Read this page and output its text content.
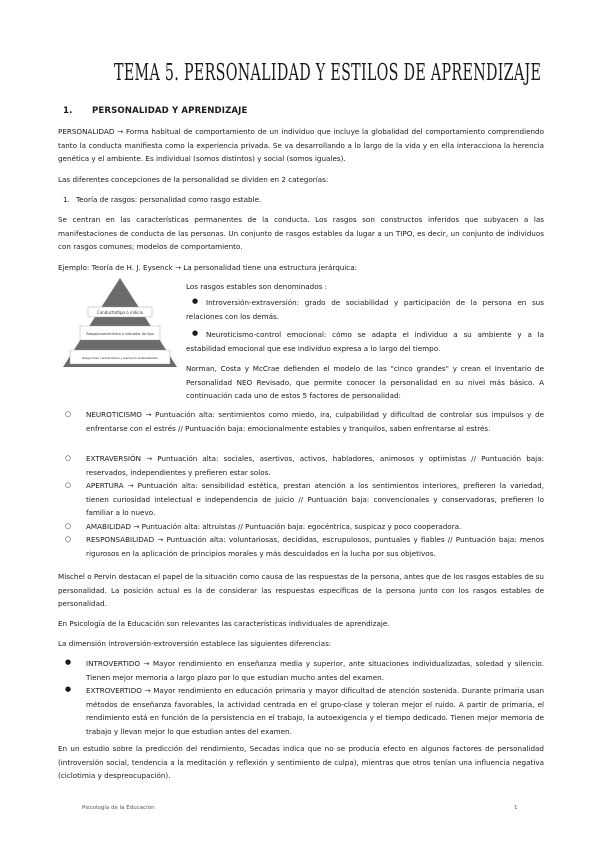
TEMA 5. PERSONALIDAD Y ESTILOS DE APRENDIZAJE
1. PERSONALIDAD Y APRENDIZAJE
PERSONALIDAD → Forma habitual de comportamiento de un individuo que incluye la globalidad del comportamiento comprendiendo tanto la conducta manifiesta como la experiencia privada. Se va desarrollando a lo largo de la vida y en ella interacciona la herencia genética y el ambiente. Es individual (somos distintos) y social (somos iguales).
Las diferentes concepciones de la personalidad se dividen en 2 categorías:
1. Teoría de rasgos: personalidad como rasgo estable.
Se centran en las características permanentes de la conducta. Los rasgos son constructos inferidos que subyacen a las manifestaciones de conducta de las personas. Un conjunto de rasgos estables da lugar a un TIPO, es decir, un conjunto de individuos con rasgos comunes; modelos de comportamiento.
Ejemplo: Teoría de H. J. Eysenck → La personalidad tiene una estructura jerárquica:
Conducta/tipo o indicio
Rasgo/característica o indicador de tipo
Rasgo/clase característica y elemento sistematizado
Los rasgos estables son denominados :
●	Introversión-extraversión: grado de sociabilidad y participación de la persona en sus relaciones con los demás.
●	Neuroticismo-control emocional: cómo se adapta el individuo a su ambiente y a la estabilidad emocional que ese individuo expresa a lo largo del tiempo.
Norman, Costa y McCrae defienden el modelo de las "cinco grandes" y crean el Inventario de Personalidad NEO Revisado, que permite conocer la personalidad en su nivel más básico. A continuación cada uno de estos 5 factores de personalidad:
○ NEUROTICISMO → Puntuación alta: sentimientos como miedo, ira, culpabilidad y dificultad de controlar sus impulsos y de enfrentarse con el estrés // Puntuación baja: emocionalmente estables y tranquilos, saben enfrentarse al estrés.
○ EXTRAVERSIÓN → Puntuación alta: sociales, asertivos, activos, habladores, animosos y optimistas // Puntuación baja: reservados, independientes y prefieren estar solos.
○ APERTURA → Puntuación alta: sensibilidad estética, prestan atención a los sentimientos interiores, prefieren la variedad, tienen curiosidad intelectual e independencia de juicio // Puntuación baja: convencionales y conservadoras, prefieren lo familiar a lo nuevo.
○ AMABILIDAD → Puntuación alta: altruistas // Puntuación baja: egocéntrica, suspicaz y poco cooperadora.
○ RESPONSABILIDAD → Puntuación alta: voluntariosas, decididas, escrupulosos, puntuales y fiables // Puntuación baja: menos rigurosos en la aplicación de principios morales y más descuidados en la lucha por sus objetivos.
Mischel o Pervin destacan el papel de la situación como causa de las respuestas de la persona, antes que de los rasgos estables de su personalidad. La posición actual es la de considerar las respuestas específicas de la persona junto con los rasgos estables de personalidad.
En Psicología de la Educación son relevantes las características individuales de aprendizaje.
La dimensión introversión-extroversión establece las siguientes diferencias:
● INTROVERTIDO → Mayor rendimiento en enseñanza media y superior, ante situaciones individualizadas, soledad y silencio. Tienen mejor memoria a largo plazo por lo que estudian mucho antes del examen.
● EXTROVERTIDO → Mayor rendimiento en educación primaria y mayor dificultad de atención sostenida. Durante primaria usan métodos de enseñanza favorables, la actividad centrada en el grupo-clase y toleran mejor el ruido. A partir de primaria, el rendimiento está en función de la persistencia en el trabajo, la autoexigencia y el tiempo dedicado. Tienen mejor memoria de trabajo y llevan mejor lo que estudian antes del examen.
En un estudio sobre la predicción del rendimiento, Secadas indica que no se producía efecto en algunos factores de personalidad (introversión social, tendencia a la meditación y reflexión y sentimiento de culpa), mientras que otros tenían una influencia negativa (ciclotimia y despreocupación).
Psicología de la Educación	1
